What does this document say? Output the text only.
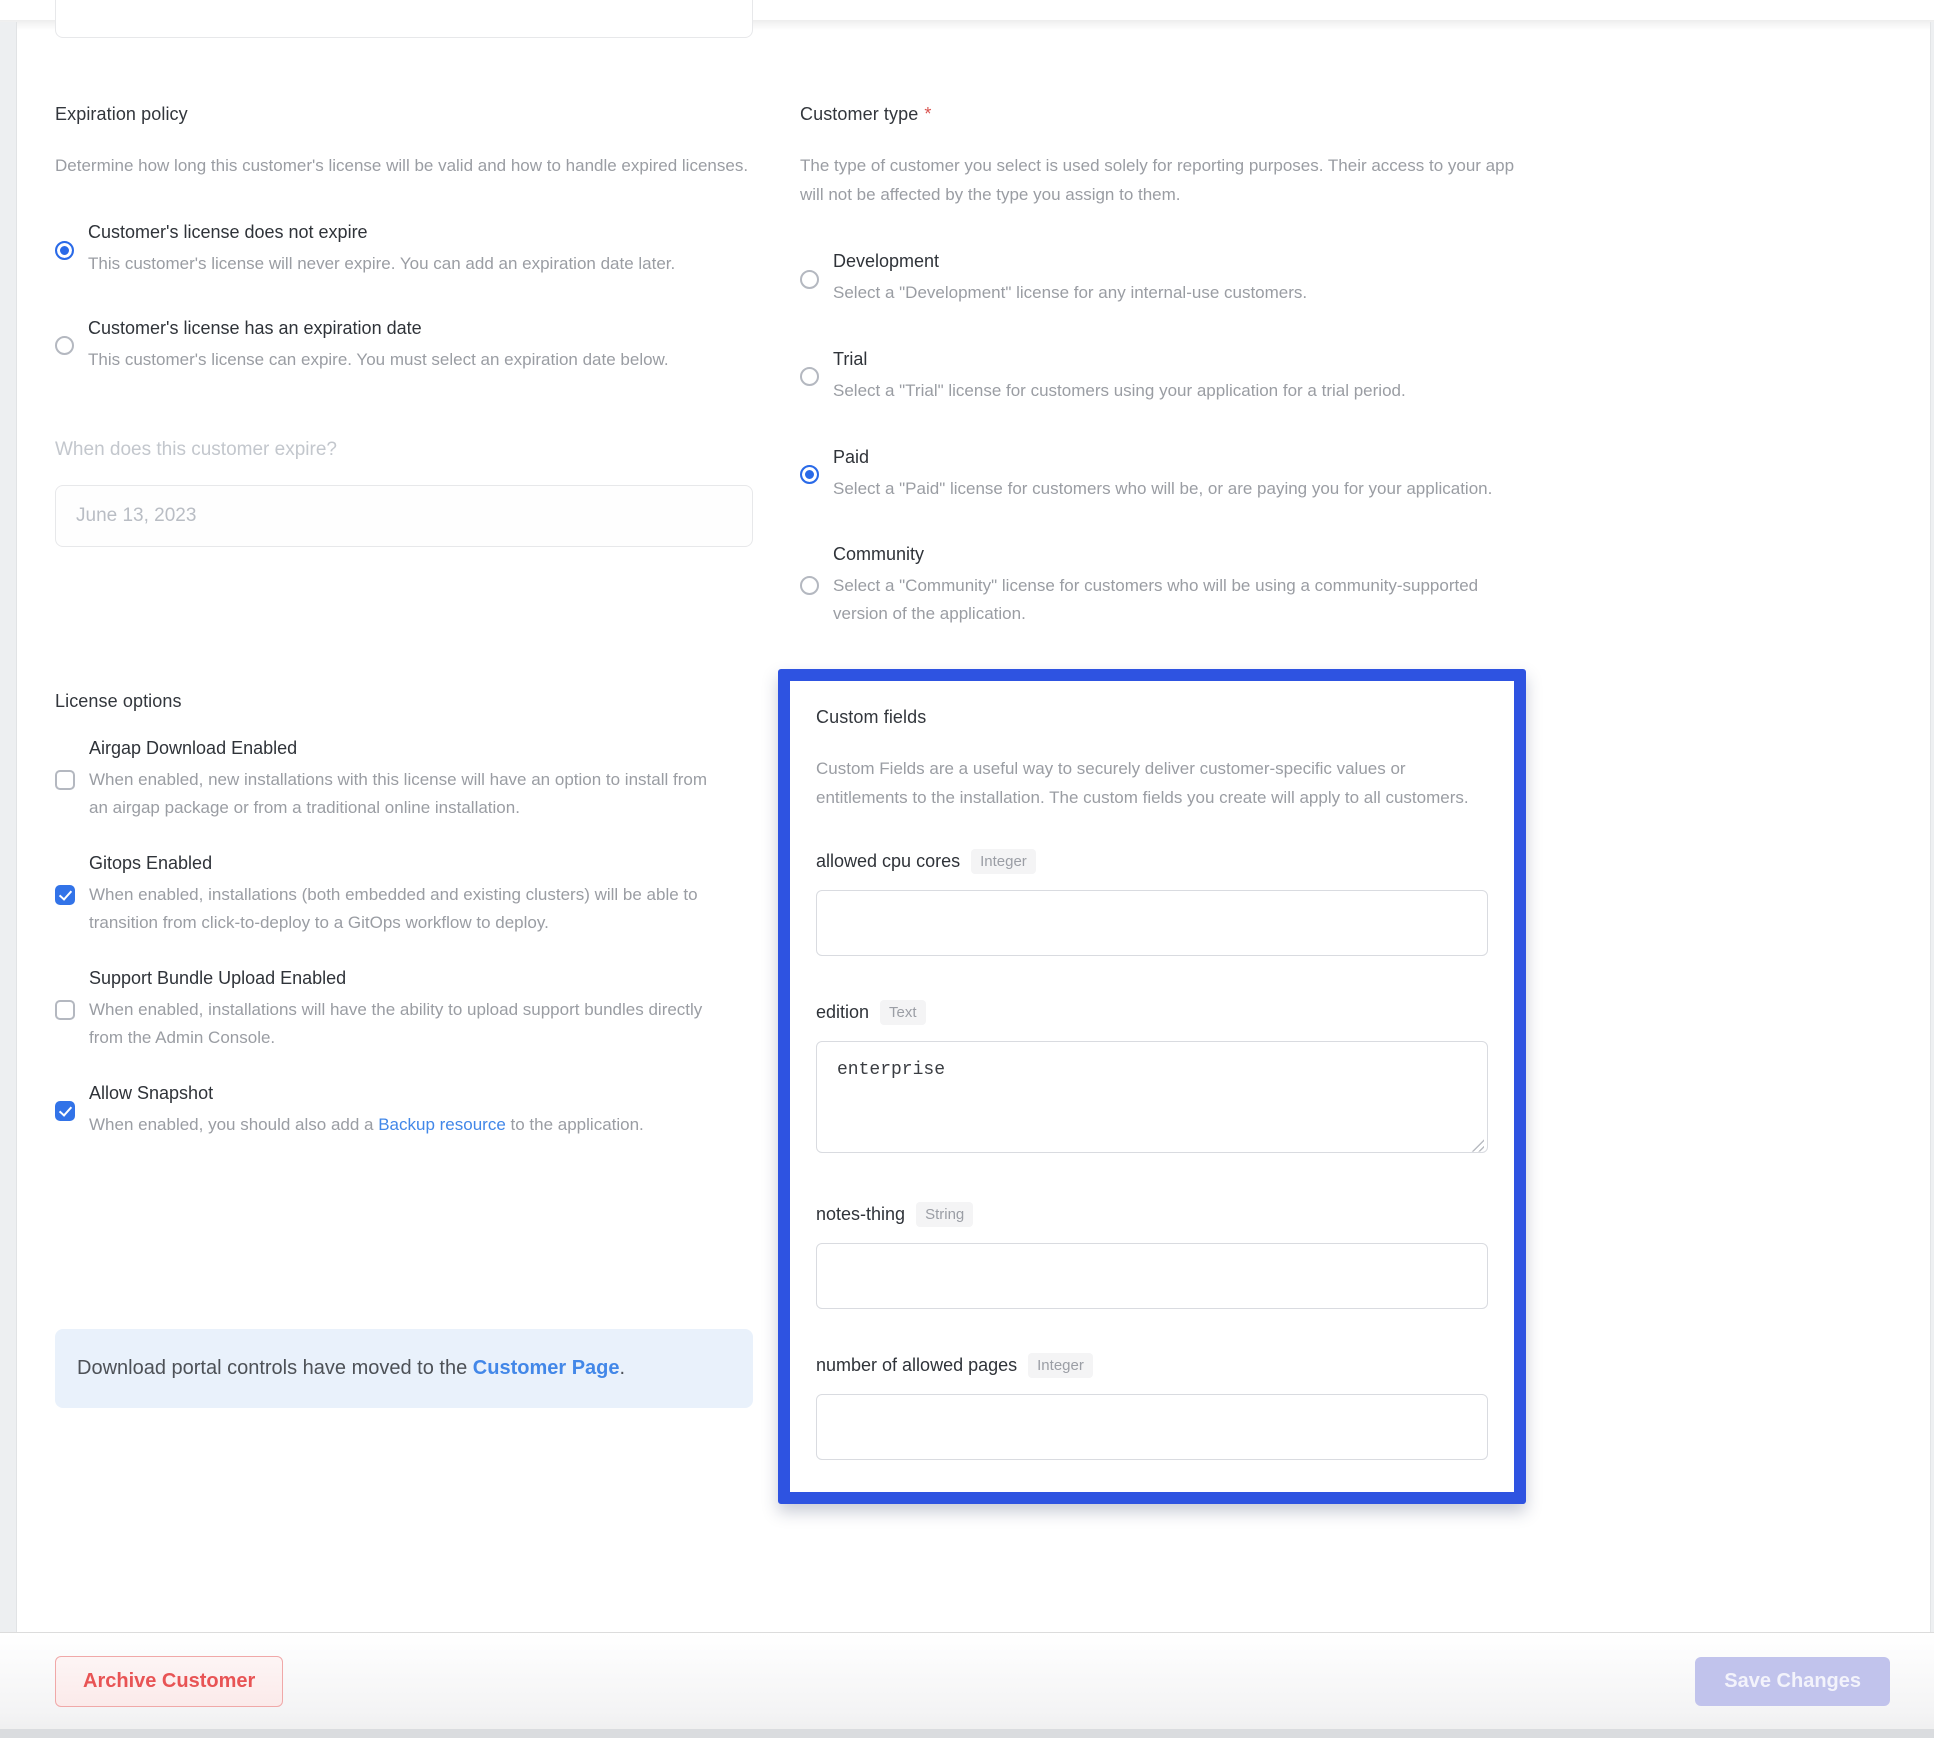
Expiration policy

Determine how long this customer's license will be valid and how to handle expired licenses.

Customer's license does not expire
This customer's license will never expire. You can add an expiration date later.
Customer's license has an expiration date
This customer's license can expire. You must select an expiration date below.
When does this customer expire?
June 13, 2023
License options
Airgap Download Enabled
When enabled, new installations with this license will have an option to install from an airgap package or from a traditional online installation.
Gitops Enabled
When enabled, installations (both embedded and existing clusters) will be able to transition from click-to-deploy to a GitOps workflow to deploy.
Support Bundle Upload Enabled
When enabled, installations will have the ability to upload support bundles directly from the Admin Console.
Allow Snapshot
When enabled, you should also add a Backup resource to the application.
Download portal controls have moved to the Customer Page.
Customer type *

The type of customer you select is used solely for reporting purposes. Their access to your app will not be affected by the type you assign to them.

Development
Select a "Development" license for any internal-use customers.
Trial
Select a "Trial" license for customers using your application for a trial period.
Paid
Select a "Paid" license for customers who will be, or are paying you for your application.
Community
Select a "Community" license for customers who will be using a community-supported version of the application.
Custom fields

Custom Fields are a useful way to securely deliver customer-specific values or entitlements to the installation. The custom fields you create will apply to all customers.

allowed cpu cores	Integer
edition	Text
enterprise
notes-thing	String
number of allowed pages	Integer
Archive Customer	Save Changes
